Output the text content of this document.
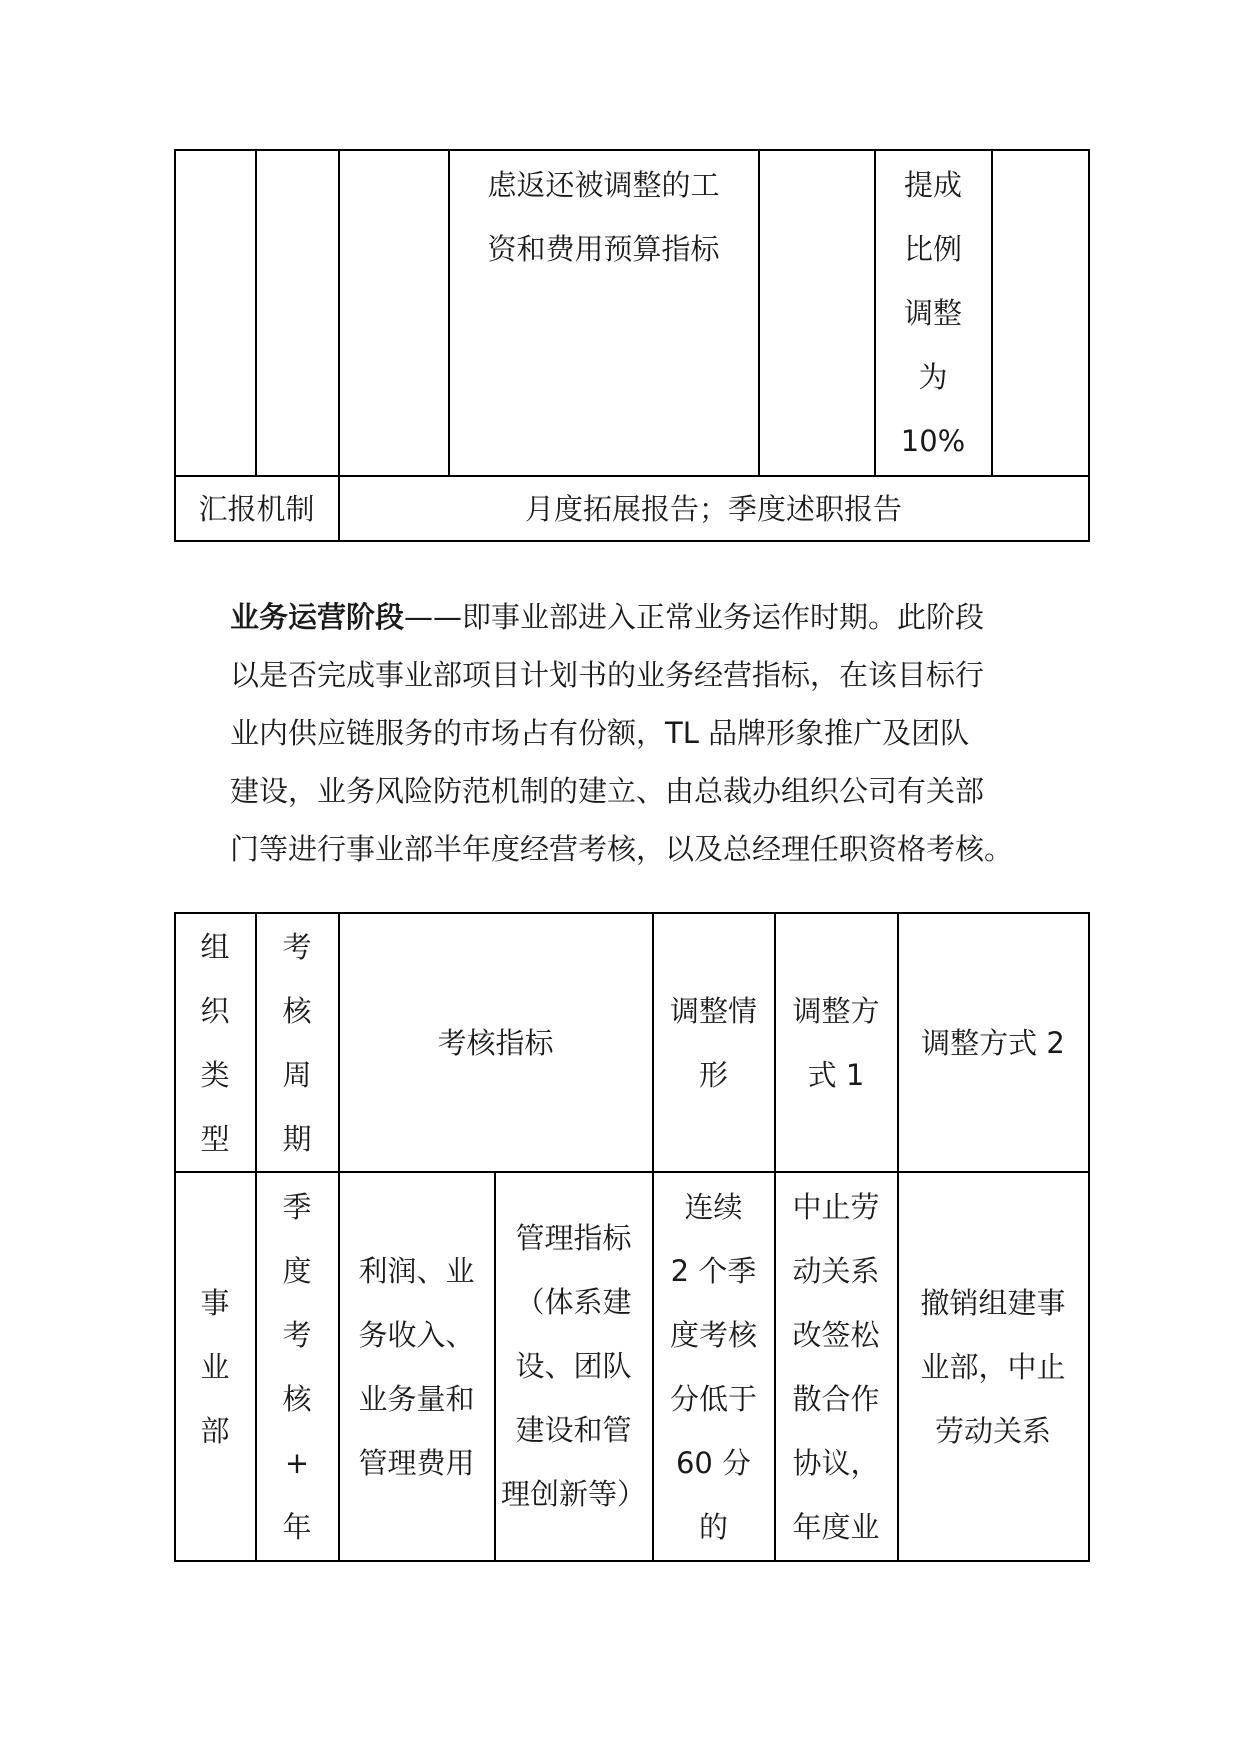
虑返还被调整的工
资和费用预算指标
提成
比例
调整
为
10%
汇报机制	月度拓展报告；季度述职报告
业务运营阶段——即事业部进入正常业务运作时期。此阶段
以是否完成事业部项目计划书的业务经营指标，在该目标行
业内供应链服务的市场占有份额，TL 品牌形象推广及团队
建设，业务风险防范机制的建立、由总裁办组织公司有关部
门等进行事业部半年度经营考核，以及总经理任职资格考核。
组
织
类
型
考
核
周
期
考核指标
调整情
形
调整方
式 1
调整方式 2
事
业
部
季
度
考
核
+
年
利润、业
务收入、
业务量和
管理费用
管理指标
（体系建
设、团队
建设和管
理创新等）
连续
2 个季
度考核
分低于
60 分
的
中止劳
动关系
改签松
散合作
协议，
年度业
撤销组建事
业部，中止
劳动关系
